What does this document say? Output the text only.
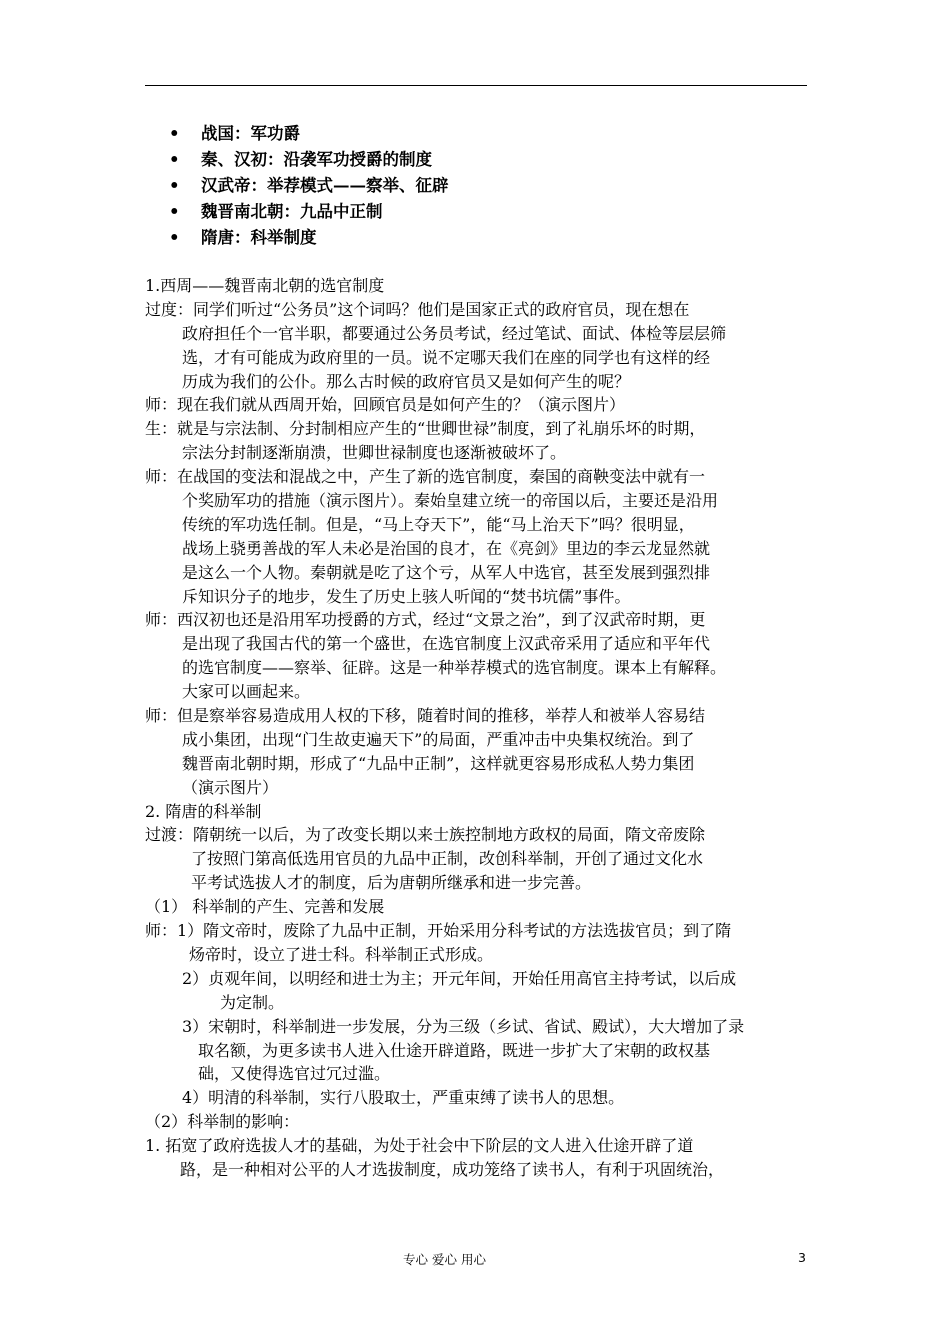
• 战国：军功爵
• 秦、汉初：沿袭军功授爵的制度
• 汉武帝：举荐模式——察举、征辟
• 魏晋南北朝：九品中正制
• 隋唐：科举制度
1.西周——魏晋南北朝的选官制度
过度：同学们听过“公务员”这个词吗？他们是国家正式的政府官员，现在想在
政府担任个一官半职，都要通过公务员考试，经过笔试、面试、体检等层层筛
选，才有可能成为政府里的一员。说不定哪天我们在座的同学也有这样的经
历成为我们的公仆。那么古时候的政府官员又是如何产生的呢？
师：现在我们就从西周开始，回顾官员是如何产生的？（演示图片）
生：就是与宗法制、分封制相应产生的“世卿世禄”制度，到了礼崩乐坏的时期，
宗法分封制逐渐崩溃，世卿世禄制度也逐渐被破坏了。
师：在战国的变法和混战之中，产生了新的选官制度，秦国的商鞅变法中就有一
个奖励军功的措施（演示图片）。秦始皇建立统一的帝国以后，主要还是沿用
传统的军功选任制。但是，“马上夺天下”，能“马上治天下”吗？很明显，
战场上骁勇善战的军人未必是治国的良才，在《亮剑》里边的李云龙显然就
是这么一个人物。秦朝就是吃了这个亏，从军人中选官，甚至发展到强烈排
斥知识分子的地步，发生了历史上骇人听闻的“焚书坑儒”事件。
师：西汉初也还是沿用军功授爵的方式，经过“文景之治”，到了汉武帝时期，更
是出现了我国古代的第一个盛世，在选官制度上汉武帝采用了适应和平年代
的选官制度——察举、征辟。这是一种举荐模式的选官制度。课本上有解释。
大家可以画起来。
师：但是察举容易造成用人权的下移，随着时间的推移，举荐人和被举人容易结
成小集团，出现“门生故吏遍天下”的局面，严重冲击中央集权统治。到了
魏晋南北朝时期，形成了“九品中正制”，这样就更容易形成私人势力集团
（演示图片）
2. 隋唐的科举制
过渡：隋朝统一以后，为了改变长期以来士族控制地方政权的局面，隋文帝废除
了按照门第高低选用官员的九品中正制，改创科举制，开创了通过文化水
平考试选拔人才的制度，后为唐朝所继承和进一步完善。
（1） 科举制的产生、完善和发展
师：1）隋文帝时，废除了九品中正制，开始采用分科考试的方法选拔官员；到了隋
炀帝时，设立了进士科。科举制正式形成。
2）贞观年间，以明经和进士为主；开元年间，开始任用高官主持考试，以后成
为定制。
3）宋朝时，科举制进一步发展，分为三级（乡试、省试、殿试），大大增加了录
取名额，为更多读书人进入仕途开辟道路，既进一步扩大了宋朝的政权基
础，又使得选官过冗过滥。
4）明清的科举制，实行八股取士，严重束缚了读书人的思想。
（2）科举制的影响：
1. 拓宽了政府选拔人才的基础，为处于社会中下阶层的文人进入仕途开辟了道
路，是一种相对公平的人才选拔制度，成功笼络了读书人，有利于巩固统治，
专心 爱心 用心	3
